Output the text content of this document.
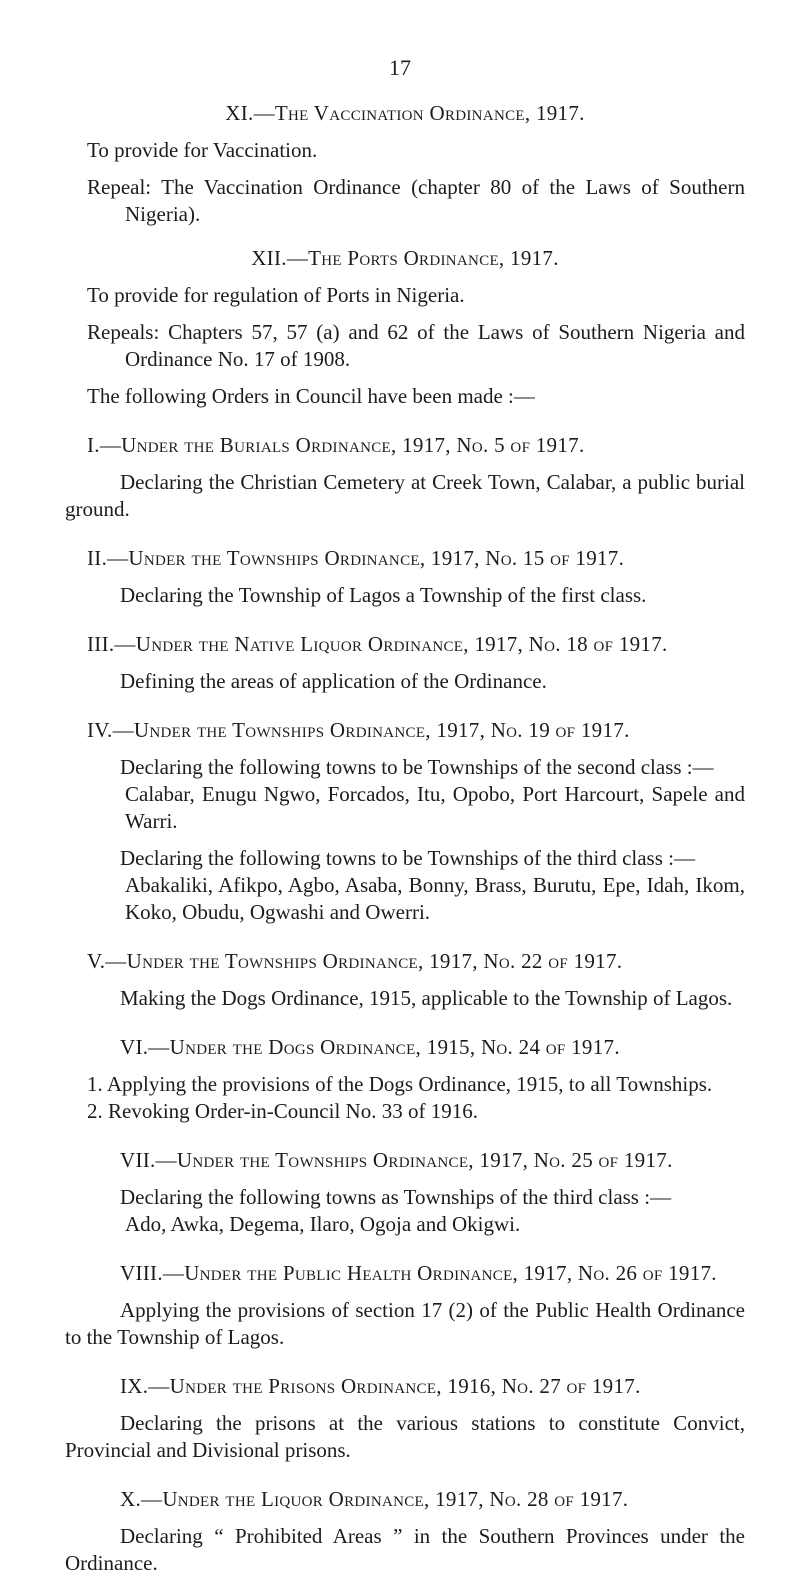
17

XI.—The Vaccination Ordinance, 1917.

To provide for Vaccination.

Repeal: The Vaccination Ordinance (chapter 80 of the Laws of Southern Nigeria).

XII.—The Ports Ordinance, 1917.

To provide for regulation of Ports in Nigeria.

Repeals: Chapters 57, 57 (a) and 62 of the Laws of Southern Nigeria and Ordinance No. 17 of 1908.

The following Orders in Council have been made :—

I.—Under the Burials Ordinance, 1917, No. 5 of 1917.

Declaring the Christian Cemetery at Creek Town, Calabar, a public burial ground.

II.—Under the Townships Ordinance, 1917, No. 15 of 1917.

Declaring the Township of Lagos a Township of the first class.

III.—Under the Native Liquor Ordinance, 1917, No. 18 of 1917.

Defining the areas of application of the Ordinance.

IV.—Under the Townships Ordinance, 1917, No. 19 of 1917.

Declaring the following towns to be Townships of the second class :—

Calabar, Enugu Ngwo, Forcados, Itu, Opobo, Port Harcourt, Sapele and Warri.

Declaring the following towns to be Townships of the third class :—

Abakaliki, Afikpo, Agbo, Asaba, Bonny, Brass, Burutu, Epe, Idah, Ikom, Koko, Obudu, Ogwashi and Owerri.

V.—Under the Townships Ordinance, 1917, No. 22 of 1917.

Making the Dogs Ordinance, 1915, applicable to the Township of Lagos.

VI.—Under the Dogs Ordinance, 1915, No. 24 of 1917.

1. Applying the provisions of the Dogs Ordinance, 1915, to all Townships.

2. Revoking Order-in-Council No. 33 of 1916.

VII.—Under the Townships Ordinance, 1917, No. 25 of 1917.

Declaring the following towns as Townships of the third class :—

Ado, Awka, Degema, Ilaro, Ogoja and Okigwi.

VIII.—Under the Public Health Ordinance, 1917, No. 26 of 1917.

Applying the provisions of section 17 (2) of the Public Health Ordinance to the Township of Lagos.

IX.—Under the Prisons Ordinance, 1916, No. 27 of 1917.

Declaring the prisons at the various stations to constitute Convict, Provincial and Divisional prisons.

X.—Under the Liquor Ordinance, 1917, No. 28 of 1917.

Declaring “ Prohibited Areas ” in the Southern Provinces under the Ordinance.
